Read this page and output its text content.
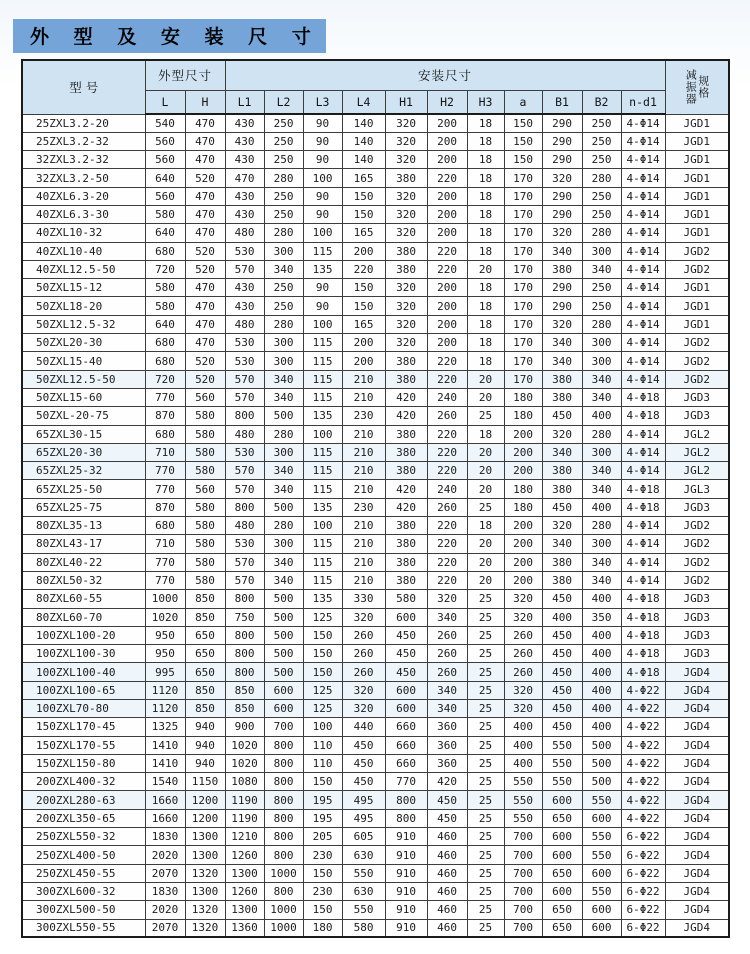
外 型 及 安 装 尺 寸
型 号	外型尺寸		安装尺寸											减振器 规格

	L	H	L1	L2	L3	L4	H1	H2	H3	a	B1	B2	n-d1	
25ZXL3.2-20	540	470	430	250	90	140	320	200	18	150	290	250	4-Φ14	JGD1
25ZXL3.2-32	560	470	430	250	90	140	320	200	18	150	290	250	4-Φ14	JGD1
32ZXL3.2-32	560	470	430	250	90	140	320	200	18	150	290	250	4-Φ14	JGD1
32ZXL3.2-50	640	520	470	280	100	165	380	220	18	170	320	280	4-Φ14	JGD1
40ZXL6.3-20	560	470	430	250	90	150	320	200	18	170	290	250	4-Φ14	JGD1
40ZXL6.3-30	580	470	430	250	90	150	320	200	18	170	290	250	4-Φ14	JGD1
40ZXL10-32	640	470	480	280	100	165	320	200	18	170	320	280	4-Φ14	JGD1
40ZXL10-40	680	520	530	300	115	200	380	220	18	170	340	300	4-Φ14	JGD2
40ZXL12.5-50	720	520	570	340	135	220	380	220	20	170	380	340	4-Φ14	JGD2
50ZXL15-12	580	470	430	250	90	150	320	200	18	170	290	250	4-Φ14	JGD1
50ZXL18-20	580	470	430	250	90	150	320	200	18	170	290	250	4-Φ14	JGD1
50ZXL12.5-32	640	470	480	280	100	165	320	200	18	170	320	280	4-Φ14	JGD1
50ZXL20-30	680	470	530	300	115	200	320	200	18	170	340	300	4-Φ14	JGD2
50ZXL15-40	680	520	530	300	115	200	380	220	18	170	340	300	4-Φ14	JGD2
50ZXL12.5-50	720	520	570	340	115	210	380	220	20	170	380	340	4-Φ14	JGD2
50ZXL15-60	770	560	570	340	115	210	420	240	20	180	380	340	4-Φ18	JGD3
50ZXL-20-75	870	580	800	500	135	230	420	260	25	180	450	400	4-Φ18	JGD3
65ZXL30-15	680	580	480	280	100	210	380	220	18	200	320	280	4-Φ14	JGL2
65ZXL20-30	710	580	530	300	115	210	380	220	20	200	340	300	4-Φ14	JGL2
65ZXL25-32	770	580	570	340	115	210	380	220	20	200	380	340	4-Φ14	JGL2
65ZXL25-50	770	560	570	340	115	210	420	240	20	180	380	340	4-Φ18	JGL3
65ZXL25-75	870	580	800	500	135	230	420	260	25	180	450	400	4-Φ18	JGD3
80ZXL35-13	680	580	480	280	100	210	380	220	18	200	320	280	4-Φ14	JGD2
80ZXL43-17	710	580	530	300	115	210	380	220	20	200	340	300	4-Φ14	JGD2
80ZXL40-22	770	580	570	340	115	210	380	220	20	200	380	340	4-Φ14	JGD2
80ZXL50-32	770	580	570	340	115	210	380	220	20	200	380	340	4-Φ14	JGD2
80ZXL60-55	1000	850	800	500	135	330	580	320	25	320	450	400	4-Φ18	JGD3
80ZXL60-70	1020	850	750	500	125	320	600	340	25	320	400	350	4-Φ18	JGD3
100ZXL100-20	950	650	800	500	150	260	450	260	25	260	450	400	4-Φ18	JGD3
100ZXL100-30	950	650	800	500	150	260	450	260	25	260	450	400	4-Φ18	JGD3
100ZXL100-40	995	650	800	500	150	260	450	260	25	260	450	400	4-Φ18	JGD4
100ZXL100-65	1120	850	850	600	125	320	600	340	25	320	450	400	4-Φ22	JGD4
100ZXL70-80	1120	850	850	600	125	320	600	340	25	320	450	400	4-Φ22	JGD4
150ZXL170-45	1325	940	900	700	100	440	660	360	25	400	450	400	4-Φ22	JGD4
150ZXL170-55	1410	940	1020	800	110	450	660	360	25	400	550	500	4-Φ22	JGD4
150ZXL150-80	1410	940	1020	800	110	450	660	360	25	400	550	500	4-Φ22	JGD4
200ZXL400-32	1540	1150	1080	800	150	450	770	420	25	550	550	500	4-Φ22	JGD4
200ZXL280-63	1660	1200	1190	800	195	495	800	450	25	550	600	550	4-Φ22	JGD4
200ZXL350-65	1660	1200	1190	800	195	495	800	450	25	550	650	600	4-Φ22	JGD4
250ZXL550-32	1830	1300	1210	800	205	605	910	460	25	700	600	550	6-Φ22	JGD4
250ZXL400-50	2020	1300	1260	800	230	630	910	460	25	700	600	550	6-Φ22	JGD4
250ZXL450-55	2070	1320	1300	1000	150	550	910	460	25	700	650	600	6-Φ22	JGD4
300ZXL600-32	1830	1300	1260	800	230	630	910	460	25	700	600	550	6-Φ22	JGD4
300ZXL500-50	2020	1320	1300	1000	150	550	910	460	25	700	650	600	6-Φ22	JGD4
300ZXL550-55	2070	1320	1360	1000	180	580	910	460	25	700	650	600	6-Φ22	JGD4
